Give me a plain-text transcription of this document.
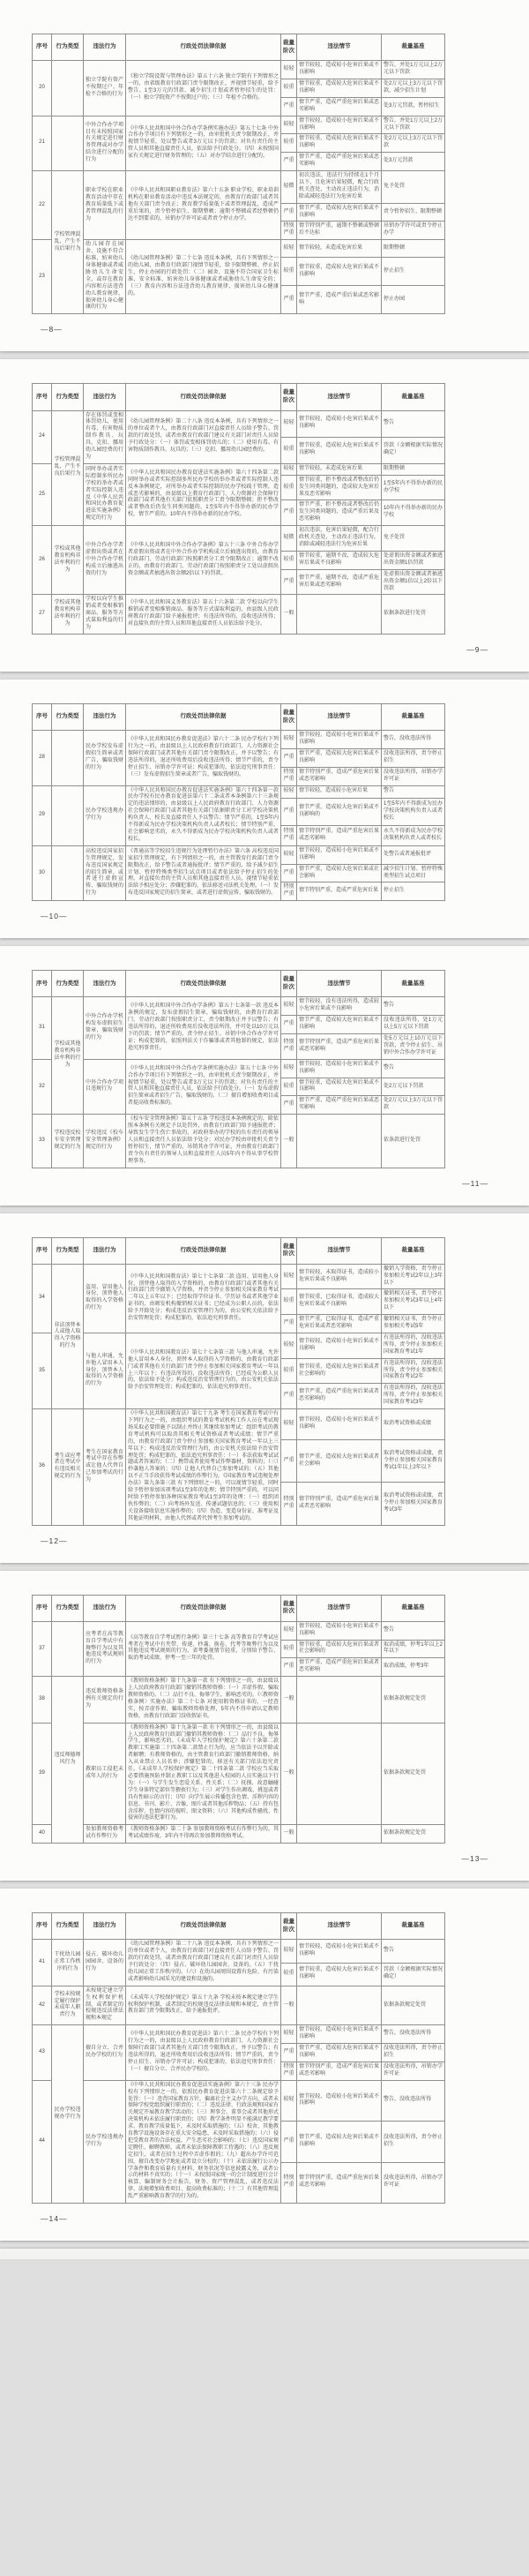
序号	行为类型	违法行为	行政处罚法律依据	裁量阶次	违法情节	裁量基准
20		独立学院有资产不按期过户、年检不合格的行为	《独立学院设置与管理办法》第五十六条 独立学院有下列情形之一的，由省级教育行政部门责令限期改正，并视情节轻重，给予警告、1至3万元的罚款、减少招生计划或者暂停招生的处罚：（一）独立学院资产不按期过户的；（三）年检不合格的。	较轻	情节较轻，造成较小危害后果或不良影响	警告，并处1万元以上2万元以下罚款
				较重	情节较重，造成较大危害后果或不良影响	处2万元以上3万元以下罚款，减少招生计划
				严重	情节严重，造成严重危害后果或恶劣影响	处3万元罚款，暂停招生
21		中外合作办学项目有未按照国家有关规定进行财务管理或对办学结余进行分配的行为	《中华人民共和国中外合作办学条例实施办法》第五十七条 中外合作办学项目有下列情形之一的，由审批机关责令限期改正，并视情节轻重，处以警告或者3万元以下的罚款；对负有责任的主管人员和其他直接责任人员，依法给予行政处分。（四）未按照国家有关规定进行财务管理的；（五）对办学结余进行分配的。	较轻	情节较轻，造成较小危害后果或不良影响	警告，并处1万元以上2万元以下罚款
				较重	情节较重，造成较大危害后果或不良影响	处2万元以上3万元以下罚款
				严重	情节严重，造成严重危害后果或恶劣影响	处3万元罚款
22	学校管理混乱，产生不良后果行为	职业学校在职业教育活动中存在教育质量低下或者管理混乱的行为	《中华人民共和国职业教育法》第六十五条 职业学校、职业培训机构在职业教育活动中违反本法规定的，由教育行政部门或者其他有关部门责令改正；教育教学质量低下或者管理混乱，造成严重后果的，责令暂停招生、限期整顿；逾期不整顿或者经整顿仍达不到要求的，吊销办学许可证或者责令停止办学。	轻微	初次违法，违法行为持续在1个月以下，且危害后果轻微，配合行政机关查处，主动改正违法行为，消除或减轻违法行为危害后果	免予处罚
				严重	情节严重，造成较大危害后果或不良影响	责令暂停招生、限期整顿
				特别严重	情节特别严重，逾期不整顿或整顿后不达标	吊销办学许可或责令停止办学
23		幼儿园存在园舍、设施不符合标准，妨害幼儿身体健康或者威胁幼儿生命安全，或存在教育内容和方法违背幼儿教育规律，损害幼儿身心健康的行为	《幼儿园管理条例》第二十七条 违反本条例，具有下列情形之一的幼儿园，由教育行政部门视情节轻重，给予限期整顿、停止招生、停止办园的行政处罚：（二）园舍、设施不符合国家卫生标准、安全标准，妨害幼儿身体健康或者威胁幼儿生命安全的；（三）教育内容和方法违背幼儿教育规律，损害幼儿身心健康的。	较轻	情节较轻，未造成危害后果	限期整顿
				较重	情节较重，造成较大危害后果或不良影响	停止招生
				严重	情节严重，造成严重后果或恶劣影响	停止办园
—8—
序号	行为类型	违法行为	行政处罚法律依据	裁量阶次	违法情节	裁量基准
24	学校管理混乱，产生不良后果行为	存在体罚或变相体罚幼儿，使用有毒、有害物质制作教具、玩具，克扣、挪用幼儿园经费的行为	《幼儿园管理条例》第二十八条 违反本条例，具有下列情形之一的单位或者个人，由教育行政部门对直接责任人员给予警告、罚款的行政处罚，或者由教育行政部门建议有关部门对责任人员给予行政处分：（一）体罚或变相体罚幼儿的；（二）使用有毒、有害物质制作教具、玩具的；（三）克扣、挪用幼儿园经费的。	较轻	情节较轻，造成较小危害后果或不良影响	警告
				较重	情节较重，造成较大危害后果或不良影响	罚款（金额根据实际情况确定）
25		同时举办或者实际控制多所民办学校的举办者或者实际控制人违反《中华人民共和国民办教育促进法实施条例》规定的行为	《中华人民共和国民办教育促进法实施条例》第六十四条第二款 同时举办或者实际控制多所民办学校的举办者或者实际控制人违反本条例规定，对所举办或者实际控制的民办学校疏于管理，造成恶劣影响的，由县级以上教育行政部门、人力资源社会保障行政部门或者其他有关部门依照职责分工责令限期整顿；拒不整改或者整改后仍发生同类问题的，1至5年内不得举办新的民办学校，情节严重的，10年内不得举办新的民办学校。	较轻	情节较轻，未造成危害后果	限期整顿
				较重	情节较重，拒不整改或者整改后仍发生同类问题的，造成较大危害后果及恶劣影响	1至5年内不得举办新的民办学校
				严重	情节严重，拒不整改或者整改后仍发生同类问题的，造成严重后果及恶劣影响	10年内不得举办新的民办学校
26	学校或其他教育机构非法牟利的行为	中外合作办学者虚假出资或者在中外合作办学机构成立后抽逃出资的行为	《中华人民共和国中外合作办学条例》第五十三条 中外合作办学者虚假出资或者在中外合作办学机构成立后抽逃出资的，由教育行政部门、劳动行政部门按照职责分工责令限期改正；逾期不改正的，由教育行政部门、劳动行政部门按照职责分工处以虚假出资金额或者抽逃出资金额2倍以下的罚款。	轻微	初次违法，危害后果轻微，配合行政机关查处，主动改正违法行为，消除或减轻违法行为危害后果	免予处罚
				较重	情节较重，逾期不改，造成较大危害后果或不良影响	处虚假出资金额或者抽逃出资金额1倍罚款
				严重	情节严重，逾期不改，造成严重危害后果或恶劣影响	处虚假出资金额或者抽逃出资金额1倍以上2倍以下罚款
27	学校或其他教育机构非法牟利的行为	学校以向学生推销或者变相推销商品、服务等方式谋取利益的行为	《中华人民共和国义务教育法》第五十六条第二款 学校以向学生推销或者变相推销商品、服务等方式谋取利益的，由县级人民政府教育行政部门给予通报批评；有违法所得的，没收违法所得；对直接负责的主管人员和其他直接责任人员依法给予处分。	一般		依据条款进行处罚
—9—
序号	行为类型	违法行为	行政处罚法律依据	裁量阶次	违法情节	裁量基准
28		民办学校发布虚假招生简章或者广告，骗取钱财的行为	《中华人民共和国民办教育促进法》第六十二条 民办学校有下列行为之一的，由县级以上人民政府教育行政部门、人力资源社会保障行政部门或者其他有关部门责令限期改正，并予以警告；有违法所得的，退还所收费用后没收违法所得；情节严重的，责令停止招生、吊销办学许可证；构成犯罪的，依法追究刑事责任：（三）发布虚假招生简章或者广告，骗取钱财的。	较轻	情节较轻，造成较小危害后果或不良影响	警告，没收违法所得
				严重	情节严重，造成较大危害后果或不良影响	没收违法所得，责令停止招生
				特别严重	情节特别严重，造成严重危害后果或恶劣影响	没收违法所得，吊销办学许可证
29		民办学校违规办学行为	《中华人民共和国民办教育促进法实施条例》第六十四条第一款 民办学校有民办教育促进法第六十二条或者本条例第六十三条规定的违法情形的，由县级以上人民政府教育行政部门、人力资源社会保障行政部门或者其他有关部门依据职责分工对学校决策机构负责人、校长及直接责任人予以警告；情节严重的，1至5年内不得新成为民办学校决策机构负责人或者校长；情节特别严重、社会影响恶劣的，永久不得新成为民办学校决策机构负责人或者校长。	较轻	情节较轻，造成较小危害后果	警告
				严重	情节严重，造成较大危害后果或不良影响的	1至5年内不得新成为民办学校决策机构负责人或者校长
				特别严重	情节特别严重，造成严重危害后果或恶劣影响	永久不得新成为民办学校决策机构负责人或者校长
30		高校违反国家招生管理规定，发布违反国家规定的招生简章，或者进行虚假宣传、骗取钱财的行为	《普通高等学校招生违规行为处理暂行办法》第六条 高校违反国家招生管理规定，有下列情形之一的，由主管教育行政部门责令限期改正，给予警告或者通报批评；情节严重的，给予减少招生计划、暂停特殊类型招生试点项目或者依法给予停止招生的处理。对直接负责的主管人员和其他直接责任人员，视情节轻重依法给予相应处分；涉嫌犯罪的，依法移送司法机关处理。（一）发布违反国家规定的招生简章，或者进行虚假宣传、骗取钱财的。	较轻	情节较轻，造成较小危害后果或不良影响	处警告或者通报批评
				严重	情节严重，造成较大危害后果或社会影响	减少招生计划、暂停特殊类型招生试点项目
				特别严重	情节特别严重，造成严重危害后果	停止招生
—10—
序号	行为类型	违法行为	行政处罚法律依据	裁量阶次	违法情节	裁量基准
31	学校或其他教育机构非法牟利的行为	中外合作办学机构发布虚假招生简章，骗取钱财的行为	《中华人民共和国中外合作办学条例》第五十七条第一款 违反本条例的规定，发布虚假招生简章，骗取钱财的，由教育行政部门、劳动行政部门按照职责分工，责令限期改正并予以警告；有违法所得的，退还所收费用后没收违法所得，并可处以10万元以下的罚款；情节严重的，责令停止招生、吊销中外合作办学许可证；构成犯罪的，依照刑法关于诈骗罪或者其他罪的规定，依法追究刑事责任。	较轻	情节较轻，没有违法所得，造成较小危害后果或不良影响	警告
				严重	情节严重，造成较大危害后果或不良影响	没收违法所得，处1万元以上5万元以下罚款
				特别严重	情节特别严重，造成严重危害后果或恶劣影响	处5万元以上10万元以下罚款，责令停止招生、吊销中外合作办学许可证
32		中外合作办学项目违规行为	《中华人民共和国中外合作办学条例实施办法》第五十七条 中外合作办学项目有下列情形之一的，由审批机关责令限期改正，并视情节轻重，处以警告或者3万元以下的罚款；对负有责任的主管人员和其他直接责任人员，依法给予行政处分。（一）发布虚假招生简章或者招生广告，骗取钱财的。（二）擅自增加收费项目或者提高收费标准的。	较轻	情节较轻，造成较小危害后果或不良影响	警告
				较重	情节较重，造成较大危害后果或不良影响	处2万元以下罚款
				严重	情节严重，造成严重危害后果或恶劣影响	处2万元以上3万元以下罚款
33	学校违反校车安全管理规定的行为	学校违反《校车安全管理条例》规定的行为	《校车安全管理条例》第五十五条 学校违反本条例规定的，除依照本条例有关规定予以处罚外，由教育行政部门给予通报批评；导致发生学生伤亡事故的，对政府举办的学校的负有责任的领导人员和直接责任人员依法给予处分；对民办学校由审批机关责令暂停招生，情节严重的，吊销其办学许可证，并由教育行政部门责令负有责任的领导人员和直接责任人员5年内不得从事学校管理事务。	一般		依条款进行处罚
—11—
序号	行为类型	违法行为	行政处罚法律依据	裁量阶次	违法情节	裁量基准
34	非法顶替本人或他人取得入学资格的行为	盗用、冒用他人身份，顶替他人取得的入学资格的行为	《中华人民共和国教育法》第七十七条第二款 盗用、冒用他人身份，顶替他人取得的入学资格的，由教育行政部门或者其他有关行政部门责令撤销入学资格，并责令停止参加相关国家教育考试二年以上五年以下；已经取得学位证书、学历证书或者其他学业证书的，由颁发机构撤销相关证书；已经成为公职人员的，依法给予开除处分；构成违反治安管理行为的，由公安机关依法给予治安管理处罚；构成犯罪的，依法追究刑事责任。	较轻	情节较轻，未取得证书，造成较小危害后果或不良影响	撤销入学资格，责令停止参加相关考试2年以上3年以下
				较重	情节较重，已取得证书，造成较大危害后果或不良影响	撤销相关证书，责令停止参加相关考试3年以上4年以下
				严重	情节严重，已取得证书，造成严重危害后果或者恶劣影响	撤销相关证书，责令停止参加相关考试5年
35		与他人串通，允许他人冒用本人身份，顶替本人取得的入学资格的行为	《中华人民共和国教育法》第七十七条第三款 与他人串通，允许他人冒用本人身份，顶替本人取得的入学资格的，由教育行政部门或者其他有关行政部门责令停止参加相关国家教育考试一年以上三年以下；有违法所得的，没收违法所得；已经成为公职人员的，依法给予处分；构成违反治安管理行为的，由公安机关依法给予治安管理处罚；构成犯罪的，依法追究刑事责任。	较轻	情节较轻，造成较小危害后果或不良影响	有违法所得的，没收违法所得，责令停止参加相关国家教育考试1年
				较重	情节较重，造成较大危害后果或者社会影响的	有违法所得的，没收违法所得，责令停止参加相关国家教育考试2年
				严重	情节严重，造成严重危害后果或者恶劣影响的	有违法所得的，没收违法所得，责令停止参加相关国家教育考试3年
36	考生或应考者在考试中有违反相关规定的行为	考生在国家教育考试中存在作弊或让他人代替自己参加考试的行为	《中华人民共和国教育法》第七十九条 考生在国家教育考试中有下列行为之一的，由组织考试的教育考试机构工作人员在考试现场采取必要措施予以制止并终止其继续参加考试；组织考试的教育考试机构可以取消其相关考试资格或者考试成绩；情节严重的，由教育行政部门责令停止参加相关国家教育考试一年以上三年以下；构成违反治安管理行为的，由公安机关依法给予治安管理处罚；构成犯罪的，依法追究刑事责任：（一）非法获取考试试题或者答案的；（二）携带或者使用考试作弊器材、资料的；（三）抄袭他人答案的；（四）让他人代替自己参加考试的；（五）其他以不正当手段获得考试成绩的作弊行为。《国家教育考试违规处理办法》第九条第三款 有下列情形之一的，可以视情节轻重，同时给予暂停参加该项考试1至3年的处理；情节特别严重的，可以同时给予暂停参加各种国家教育考试1至3年的处理：（一）组织团伙作弊的；（二）向考场外发送、传递试题信息的；（三）使用相关设备接收信息实施作弊的；（四）伪造、变造身份证、准考证及其他证明材料，由他人代替或者代替考生参加考试的。	较轻	情节较轻，造成较小危害后果或不良影响	取消考试资格或成绩
				严重	情节严重，造成较大危害后果或者社会影响	取消考试资格或成绩，责令停止参加相关国家教育考试1年以上2年以下
				特别严重	情节特别严重，造成严重危害后果或者恶劣影响	取消考试资格或成绩，责令停止参加相关国家教育考试3年
—12—
序号	行为类型	违法行为	行政处罚法律依据	裁量阶次	违法情节	裁量基准
37		应考者在高等教育自学考试中有舞弊行为以及其他违反考试规则的行为	《高等教育自学考试暂行条例》第三十七条 高等教育自学考试应考者在考试中有夹带、传递、抄袭、换卷、代考等舞弊行为以及其他违反考试规则的行为，省考委视情节轻重，分别给予警告、取消考试成绩、停考一至三年的处罚。	较轻	情节较轻，造成较小危害后果或不良影响	警告
				较重	情节较重，造成较大危害后果或者社会影响的	取消成绩，停考1年以上2年以下
				严重	情节严重，造成严重危害后果或者恶劣影响	取消成绩，停考3年
38	违反师德师风行为	违反教师资格条例有关规定的行为	《教师资格条例》第十九条第一款 有下列情形之一的，由县级以上人民政府教育行政部门撤销其教师资格：（一）弄虚作假、骗取教师资格的。（二）品行不良、侮辱学生，影响恶劣的。《〈教师资格条例〉实施办法》第二十七条 对使用假资格证书的，一经查实，按弄虚作假、骗取教师资格处理，5年内不得申请认定教师资格，由教育行政部门没收假证书。	一般		依据条款规定处罚
39		教职员工侵犯未成年人的行为	《教师资格条例》第十九条第一款 有下列情形之一的，由县级以上人民政府教育行政部门撤销其教师资格：（二）品行不良、侮辱学生，影响恶劣的。《未成年人学校保护规定》第六十条第二款 教职工实施第二十四条第二款禁止行为的，应当依法予以开除或者解聘；有教师资格的，由主管教育行政部门撤销教师资格，纳入从业禁止人员名单；涉嫌犯罪的，移送有关部门依法追究责任。《未成年人学校保护规定》第二十四条第二款 学校应当采取必要措施预防并制止教职工以及其他进入校园的人员实施以下行为：（一）与学生发生恋爱关系、性关系；（二）抚摸、故意触碰学生身体特定部位等猥亵行为；（三）对学生作出调戏、挑逗或者具有性暗示的言行；（四）向学生展示传播包含色情、淫秽内容的信息、书刊、影片、音像、图片或者其他淫秽物品；（五）持有包含淫秽、色情内容的视听、图文资料；（六）其他构成性骚扰、性侵害的违法犯罪行为。	一般		依据条款规定处罚
40		参加教师资格考试有作弊行为	《教师资格条例》第二十条 参加教师资格考试有作弊行为的，其考试成绩作废，3年内不得再次参加教师资格考试。	一般		依据条款规定处罚
—13—
序号	行为类型	违法行为	行政处罚法律依据	裁量阶次	违法情节	裁量基准
41	干扰幼儿园正常工作秩序的行为	侵占、破坏幼儿园园舍、设备的行为	《幼儿园管理条例》第二十八条 违反本条例，具有下列情形之一的单位或者个人，由教育行政部门对直接责任人员给予警告、罚款的行政处罚，或者由教育行政部门建议有关部门对责任人员给予行政处分：（四）侵占、破坏幼儿园园舍、设备的。（五）干扰幼儿园正常工作秩序的。（六）在幼儿园周围设置有危险、有污染或者影响幼儿园采光的建设和设施的。	较轻	情节较轻，造成较小危害后果或不良影响	警告
				较重	情节较重，造成较大危害后果或不良影响	罚款（金额根据实际情况确定）
42	学校未按规定履行保护未成年人职责行为	未按规定建立学生权利保护机制，或者制定的校规违反法律法规和本规定	《未成年人学校保护规定》第五十九条 学校未按本规定建立学生权利保护机制，或者制定的校规违反法律法规和本规定，由主管教育部门责令限期改正，给予通报批评。	一般		依据条款规定处罚
43	民办学校违规办学行为	擅自分立、合并民办学校的行为	《中华人民共和国民办教育促进法》第六十二条 民办学校有下列行为之一的，由县级以上人民政府教育行政部门、人力资源社会保障行政部门或者其他有关部门责令限期改正，并予以警告；有违法所得的，退还所收费用后没收违法所得；情节严重的，责令停止招生、吊销办学许可证；构成犯罪的，依法追究刑事责任：（一）擅自分立、合并民办学校的。	较轻	情节较轻，造成较小危害后果或不良影响	警告，没收违法所得
				严重	情节严重，造成较大危害后果或不良影响	没收违法所得，责令停止招生
				特别严重	情节特别严重，造成严重危害后果或恶劣影响	没收违法所得，吊销办学许可证
44		民办学校违规办学行为	《中华人民共和国民办教育促进法实施条例》第六十三条 民办学校有下列情形之一的，依照民办教育促进法第六十二条规定给予处罚：（一）违背国家教育方针，偏离社会主义办学方向，或者未保障学校党组织履行职责的；（二）违反法律、行政法规和国家有关规定开展教育教学活动的；（三）理事会、董事会或者其他形式决策机构未依法履行职责的；（四）教学条件明显不能满足教学要求、教育教学质量低下，未及时采取措施的；（五）校舍、其他教育教学设施设备存在重大安全隐患，未及时采取措施的；（六）侵犯受教育者的合法权益，产生恶劣社会影响的；（七）违反国家规定聘任、解聘教师，或者未依法保障教职工待遇的；（八）违反规定招生，或者在招生过程中弄虚作假的；（九）超出办学许可范围，擅自改变办学地址或者设立分校的；（十）未依法履行公示办学条件和教育质量有关材料、财务状况等信息披露义务，或者公示的材料不真实的；（十一）未按照国家统一的会计制度进行会计核算、编制财务会计报告，财务、资产管理混乱，或者违反法律、法规增加收费项目、提高收费标准的；（十二）有其他管理混乱严重影响教育教学的行为的。	较轻	情节较轻，造成较小危害后果或不良影响	警告，没收违法所得
				严重	情节严重，造成较大危害后果或不良影响	没收违法所得，责令停止招生
				特别严重	情节特别严重，造成严重危害后果或恶劣影响	没收违法所得，吊销办学许可证
—14—
